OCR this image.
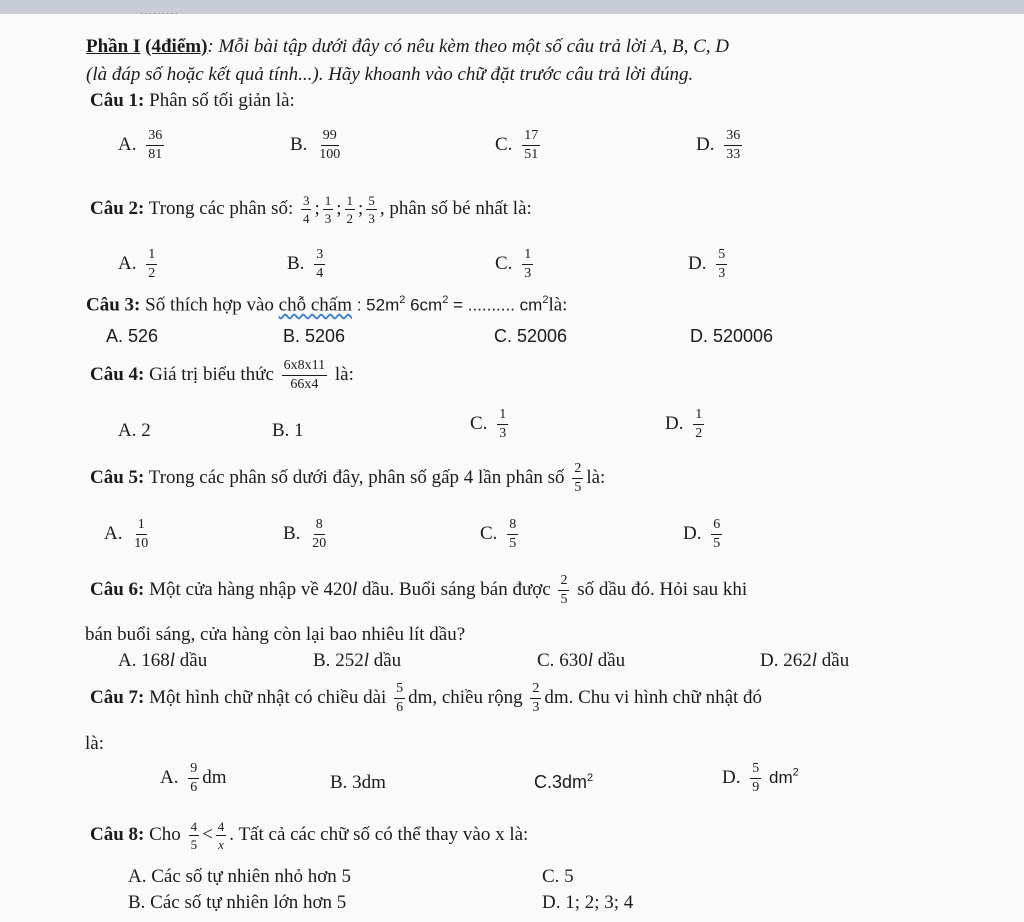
Phần I (4điểm): Mỗi bài tập dưới đây có nêu kèm theo một số câu trả lời A, B, C, D
(là đáp số hoặc kết quả tính...). Hãy khoanh vào chữ đặt trước câu trả lời đúng.
Câu 1: Phân số tối giản là:
A. $\frac{36}{81}$	B. $\frac{99}{100}$	C. $\frac{17}{51}$	D. $\frac{36}{33}$
Câu 2: Trong các phân số: $\frac{3}{4}$ ; $\frac{1}{3}$ ; $\frac{1}{2}$ ; $\frac{5}{3}$ , phân số bé nhất là:
A. $\frac{1}{2}$	B. $\frac{3}{4}$	C. $\frac{1}{3}$	D. $\frac{5}{3}$
Câu 3: Số thích hợp vào chỗ chấm : $52m^2$ $6cm^2$ = .......... $cm^2là$:
A. 526	B. 5206	C. 52006	D. 520006
Câu 4: Giá trị biểu thức $\frac{6x8x11}{66x4}$ là:
A. 2	B. 1	C. $\frac{1}{3}$	D. $\frac{1}{2}$
Câu 5: Trong các phân số dưới đây, phân số gấp 4 lần phân số $\frac{2}{5}$ là:
A. $\frac{1}{10}$	B. $\frac{8}{20}$	C. $\frac{8}{5}$	D. $\frac{6}{5}$
Câu 6: Một cửa hàng nhập về 420l dầu. Buổi sáng bán được $\frac{2}{5}$ số dầu đó. Hỏi sau khi
bán buổi sáng, cửa hàng còn lại bao nhiêu lít dầu?
A. 168l dầu	B. 252l dầu	C. 630l dầu	D. 262l dầu
Câu 7: Một hình chữ nhật có chiều dài $\frac{5}{6}$ dm, chiều rộng $\frac{2}{3}$ dm. Chu vi hình chữ nhật đó
là:
A. $\frac{9}{6}$ dm	B. 3dm	$C.3dm^2$	D. $\frac{5}{9} dm^2$
Câu 8: Cho $\frac{4}{5} < \frac{4}{x}$ . Tất cả các chữ số có thể thay vào x là:
A. Các số tự nhiên nhỏ hơn 5	C. 5
B. Các số tự nhiên lớn hơn 5	D. 1; 2; 3; 4
